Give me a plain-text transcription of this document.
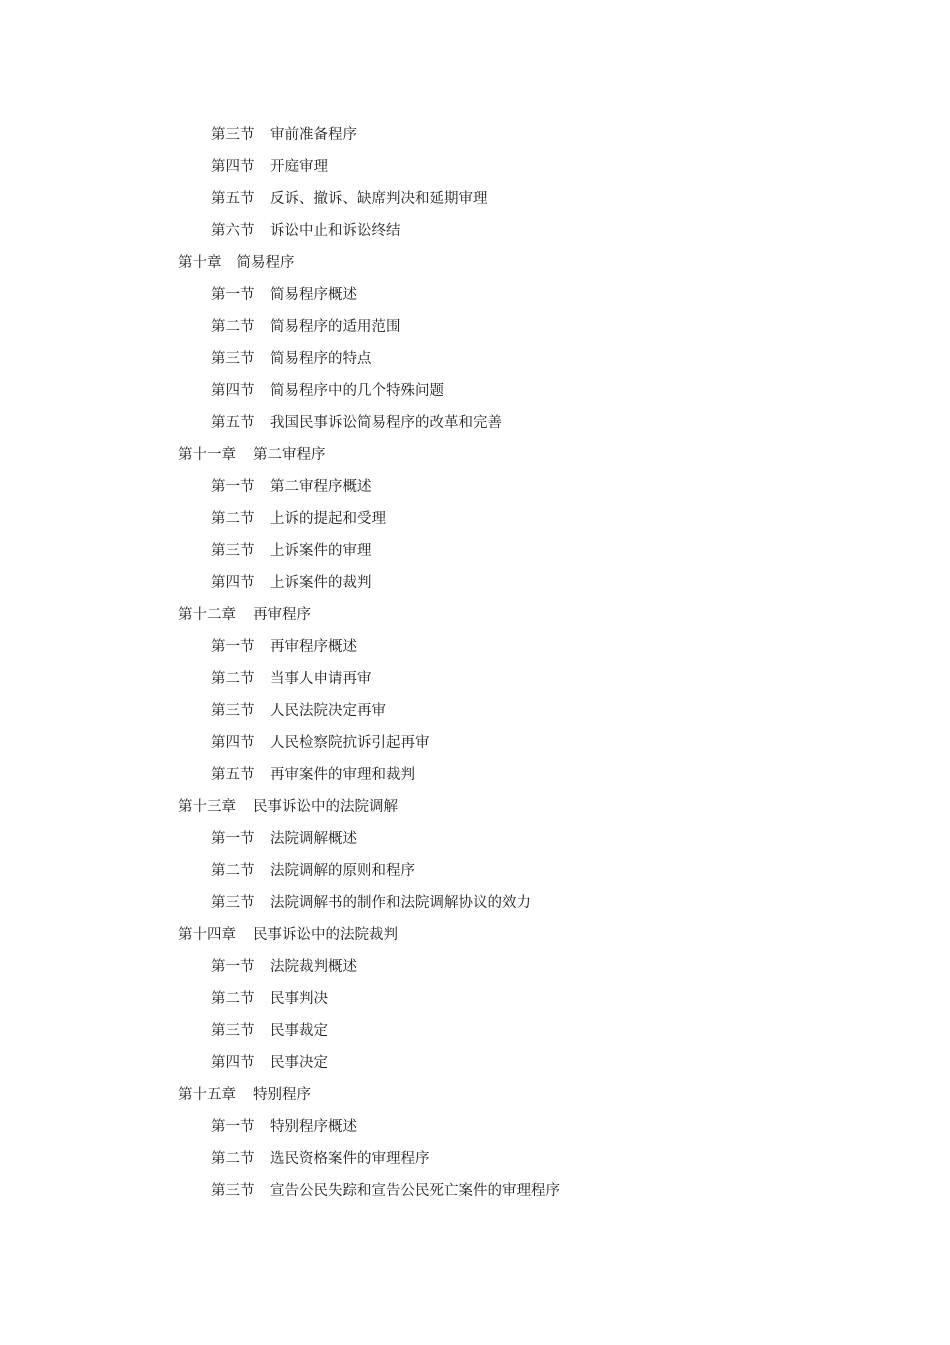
第三节 审前准备程序
第四节 开庭审理
第五节 反诉、撤诉、缺席判决和延期审理
第六节 诉讼中止和诉讼终结
第十章 简易程序
第一节 简易程序概述
第二节 简易程序的适用范围
第三节 简易程序的特点
第四节 简易程序中的几个特殊问题
第五节 我国民事诉讼简易程序的改革和完善
第十一章 第二审程序
第一节 第二审程序概述
第二节 上诉的提起和受理
第三节 上诉案件的审理
第四节 上诉案件的裁判
第十二章 再审程序
第一节 再审程序概述
第二节 当事人申请再审
第三节 人民法院决定再审
第四节 人民检察院抗诉引起再审
第五节 再审案件的审理和裁判
第十三章 民事诉讼中的法院调解
第一节 法院调解概述
第二节 法院调解的原则和程序
第三节 法院调解书的制作和法院调解协议的效力
第十四章 民事诉讼中的法院裁判
第一节 法院裁判概述
第二节 民事判决
第三节 民事裁定
第四节 民事决定
第十五章 特别程序
第一节 特别程序概述
第二节 选民资格案件的审理程序
第三节 宣告公民失踪和宣告公民死亡案件的审理程序
